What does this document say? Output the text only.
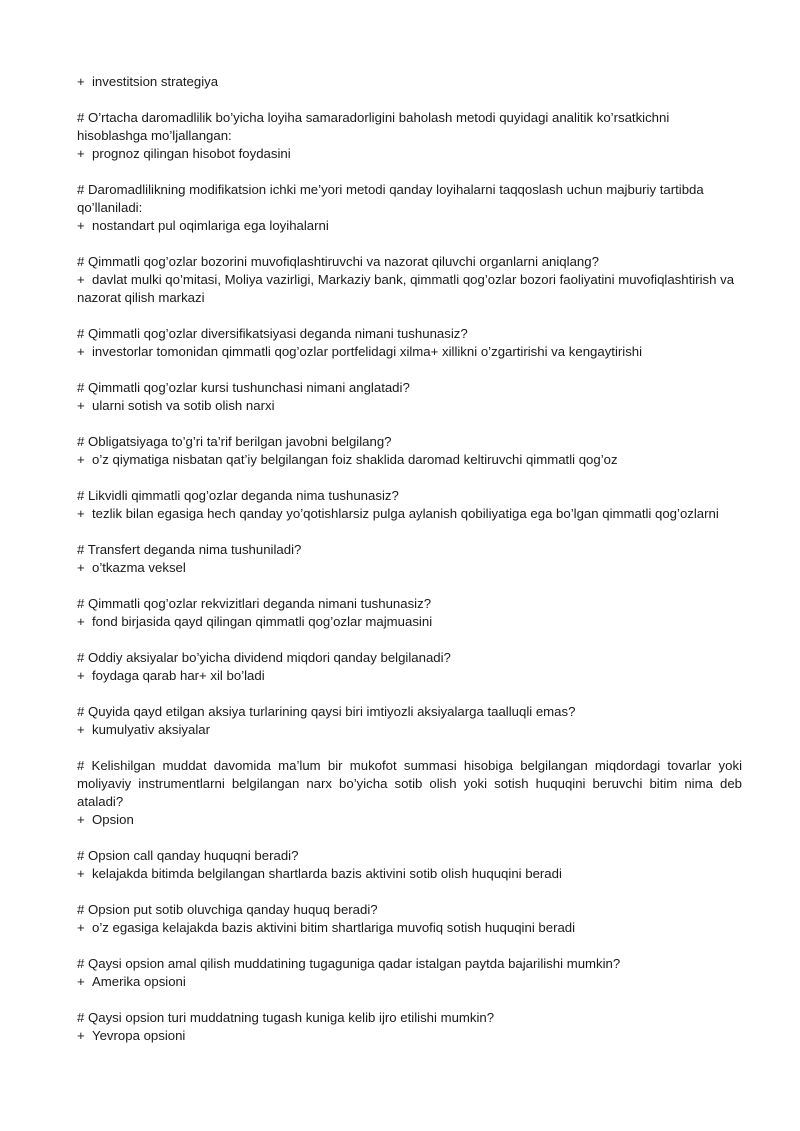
+ investitsion strategiya

# O’rtacha daromadlilik bo’yicha loyiha samaradorligini baholash metodi quyidagi analitik ko’rsatkichni hisoblashga mo’ljallangan:

+ prognoz qilingan hisobot foydasini

# Daromadlilikning modifikatsion ichki me’yori metodi qanday loyihalarni taqqoslash uchun majburiy tartibda qo’llaniladi:

+ nostandart pul oqimlariga ega loyihalarni

# Qimmatli qog’ozlar bozorini muvofiqlashtiruvchi va nazorat qiluvchi organlarni aniqlang?

+ davlat mulki qo’mitasi, Moliya vazirligi, Markaziy bank, qimmatli qog’ozlar bozori faoliyatini muvofiqlashtirish va nazorat qilish markazi

# Qimmatli qog’ozlar diversifikatsiyasi deganda nimani tushunasiz?

+ investorlar tomonidan qimmatli qog’ozlar portfelidagi xilma+ xillikni o’zgartirishi va kengaytirishi

# Qimmatli qog’ozlar kursi tushunchasi nimani anglatadi?

+ ularni sotish va sotib olish narxi

# Obligatsiyaga to’g’ri ta’rif berilgan javobni belgilang?

+ o’z qiymatiga nisbatan qat’iy belgilangan foiz shaklida daromad keltiruvchi qimmatli qog’oz

# Likvidli qimmatli qog’ozlar deganda nima tushunasiz?

+ tezlik bilan egasiga hech qanday yo’qotishlarsiz pulga aylanish qobiliyatiga ega bo’lgan qimmatli qog’ozlarni

# Transfert deganda nima tushuniladi?

+ o’tkazma veksel

# Qimmatli qog’ozlar rekvizitlari deganda nimani tushunasiz?

+ fond birjasida qayd qilingan qimmatli qog’ozlar majmuasini

# Oddiy aksiyalar bo’yicha dividend miqdori qanday belgilanadi?

+ foydaga qarab har+ xil bo’ladi

# Quyida qayd etilgan aksiya turlarining qaysi biri imtiyozli aksiyalarga taalluqli emas?

+ kumulyativ aksiyalar

# Kelishilgan muddat davomida ma’lum bir mukofot summasi hisobiga belgilangan miqdordagi tovarlar yoki moliyaviy instrumentlarni belgilangan narx bo’yicha sotib olish yoki sotish huquqini beruvchi bitim nima deb ataladi?

+ Opsion

# Opsion call qanday huquqni beradi?

+ kelajakda bitimda belgilangan shartlarda bazis aktivini sotib olish huquqini beradi

# Opsion put sotib oluvchiga qanday huquq beradi?

+ o’z egasiga kelajakda bazis aktivini bitim shartlariga muvofiq sotish huquqini beradi

# Qaysi opsion amal qilish muddatining tugaguniga qadar istalgan paytda bajarilishi mumkin?

+ Amerika opsioni

# Qaysi opsion turi muddatning tugash kuniga kelib ijro etilishi mumkin?

+ Yevropa opsioni
